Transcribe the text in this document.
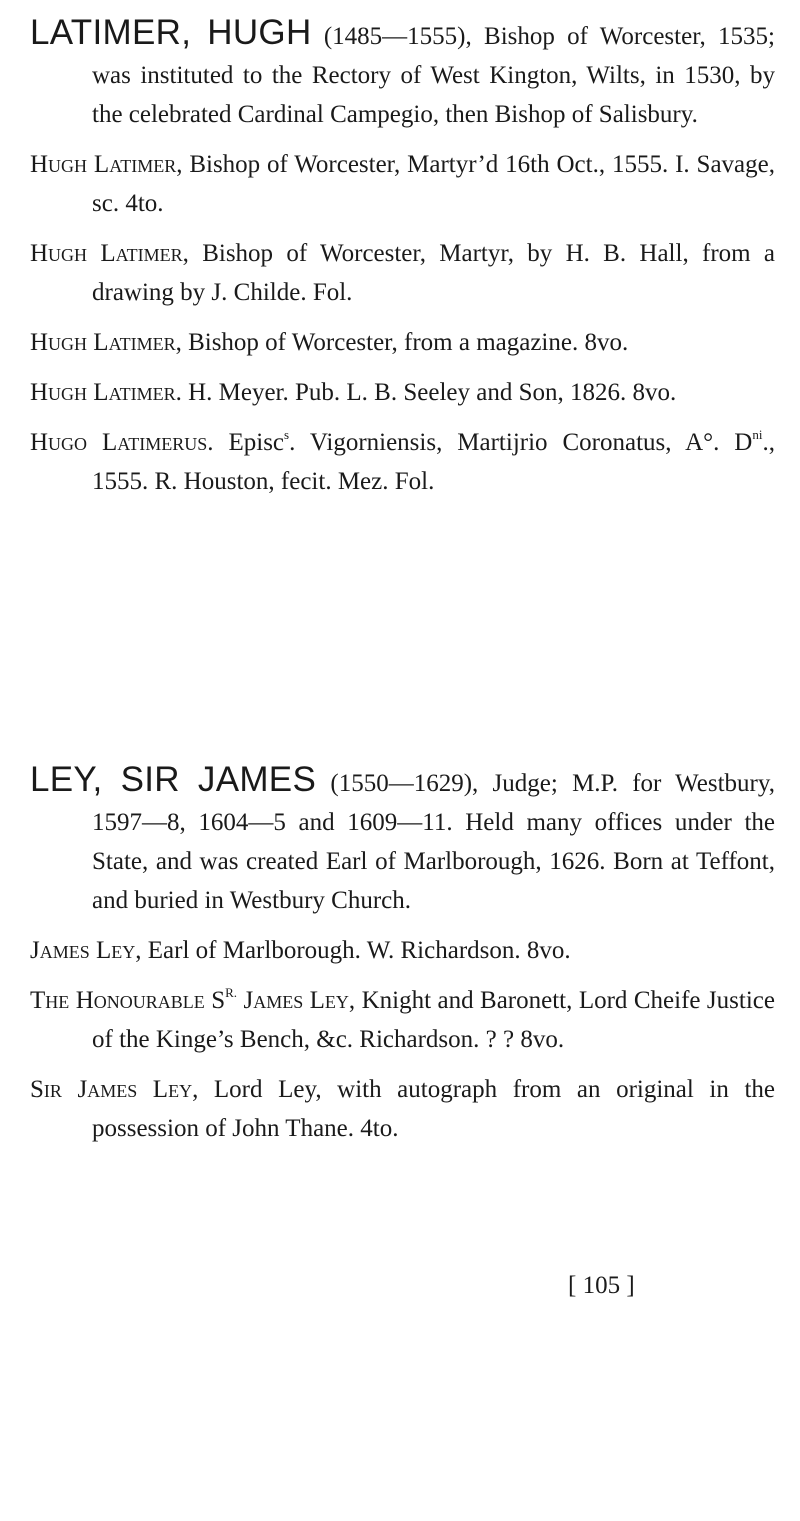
LATIMER, HUGH (1485—1555), Bishop of Worcester, 1535; was instituted to the Rectory of West Kington, Wilts, in 1530, by the celebrated Cardinal Campegio, then Bishop of Salisbury.

Hugh Latimer, Bishop of Worcester, Martyr’d 16th Oct., 1555. I. Savage, sc. 4to.

Hugh Latimer, Bishop of Worcester, Martyr, by H. B. Hall, from a drawing by J. Childe. Fol.

Hugh Latimer, Bishop of Worcester, from a magazine. 8vo.

Hugh Latimer. H. Meyer. Pub. L. B. Seeley and Son, 1826. 8vo.

Hugo Latimerus. Episc$^s$. Vigorniensis, Martijrio Coronatus, A°. $D^{ni}$., 1555. R. Houston, fecit. Mez. Fol.

LEY, SIR JAMES (1550—1629), Judge; M.P. for Westbury, 1597—8, 1604—5 and 1609—11. Held many offices under the State, and was created Earl of Marlborough, 1626. Born at Teffont, and buried in Westbury Church.

James Ley, Earl of Marlborough. W. Richardson. 8vo.

The Honourable $S^{R.}$ James Ley, Knight and Baronett, Lord Cheife Justice of the Kinge’s Bench, &c. Richardson. ? ? 8vo.

Sir James Ley, Lord Ley, with autograph from an original in the possession of John Thane. 4to.

[ 105 ]
